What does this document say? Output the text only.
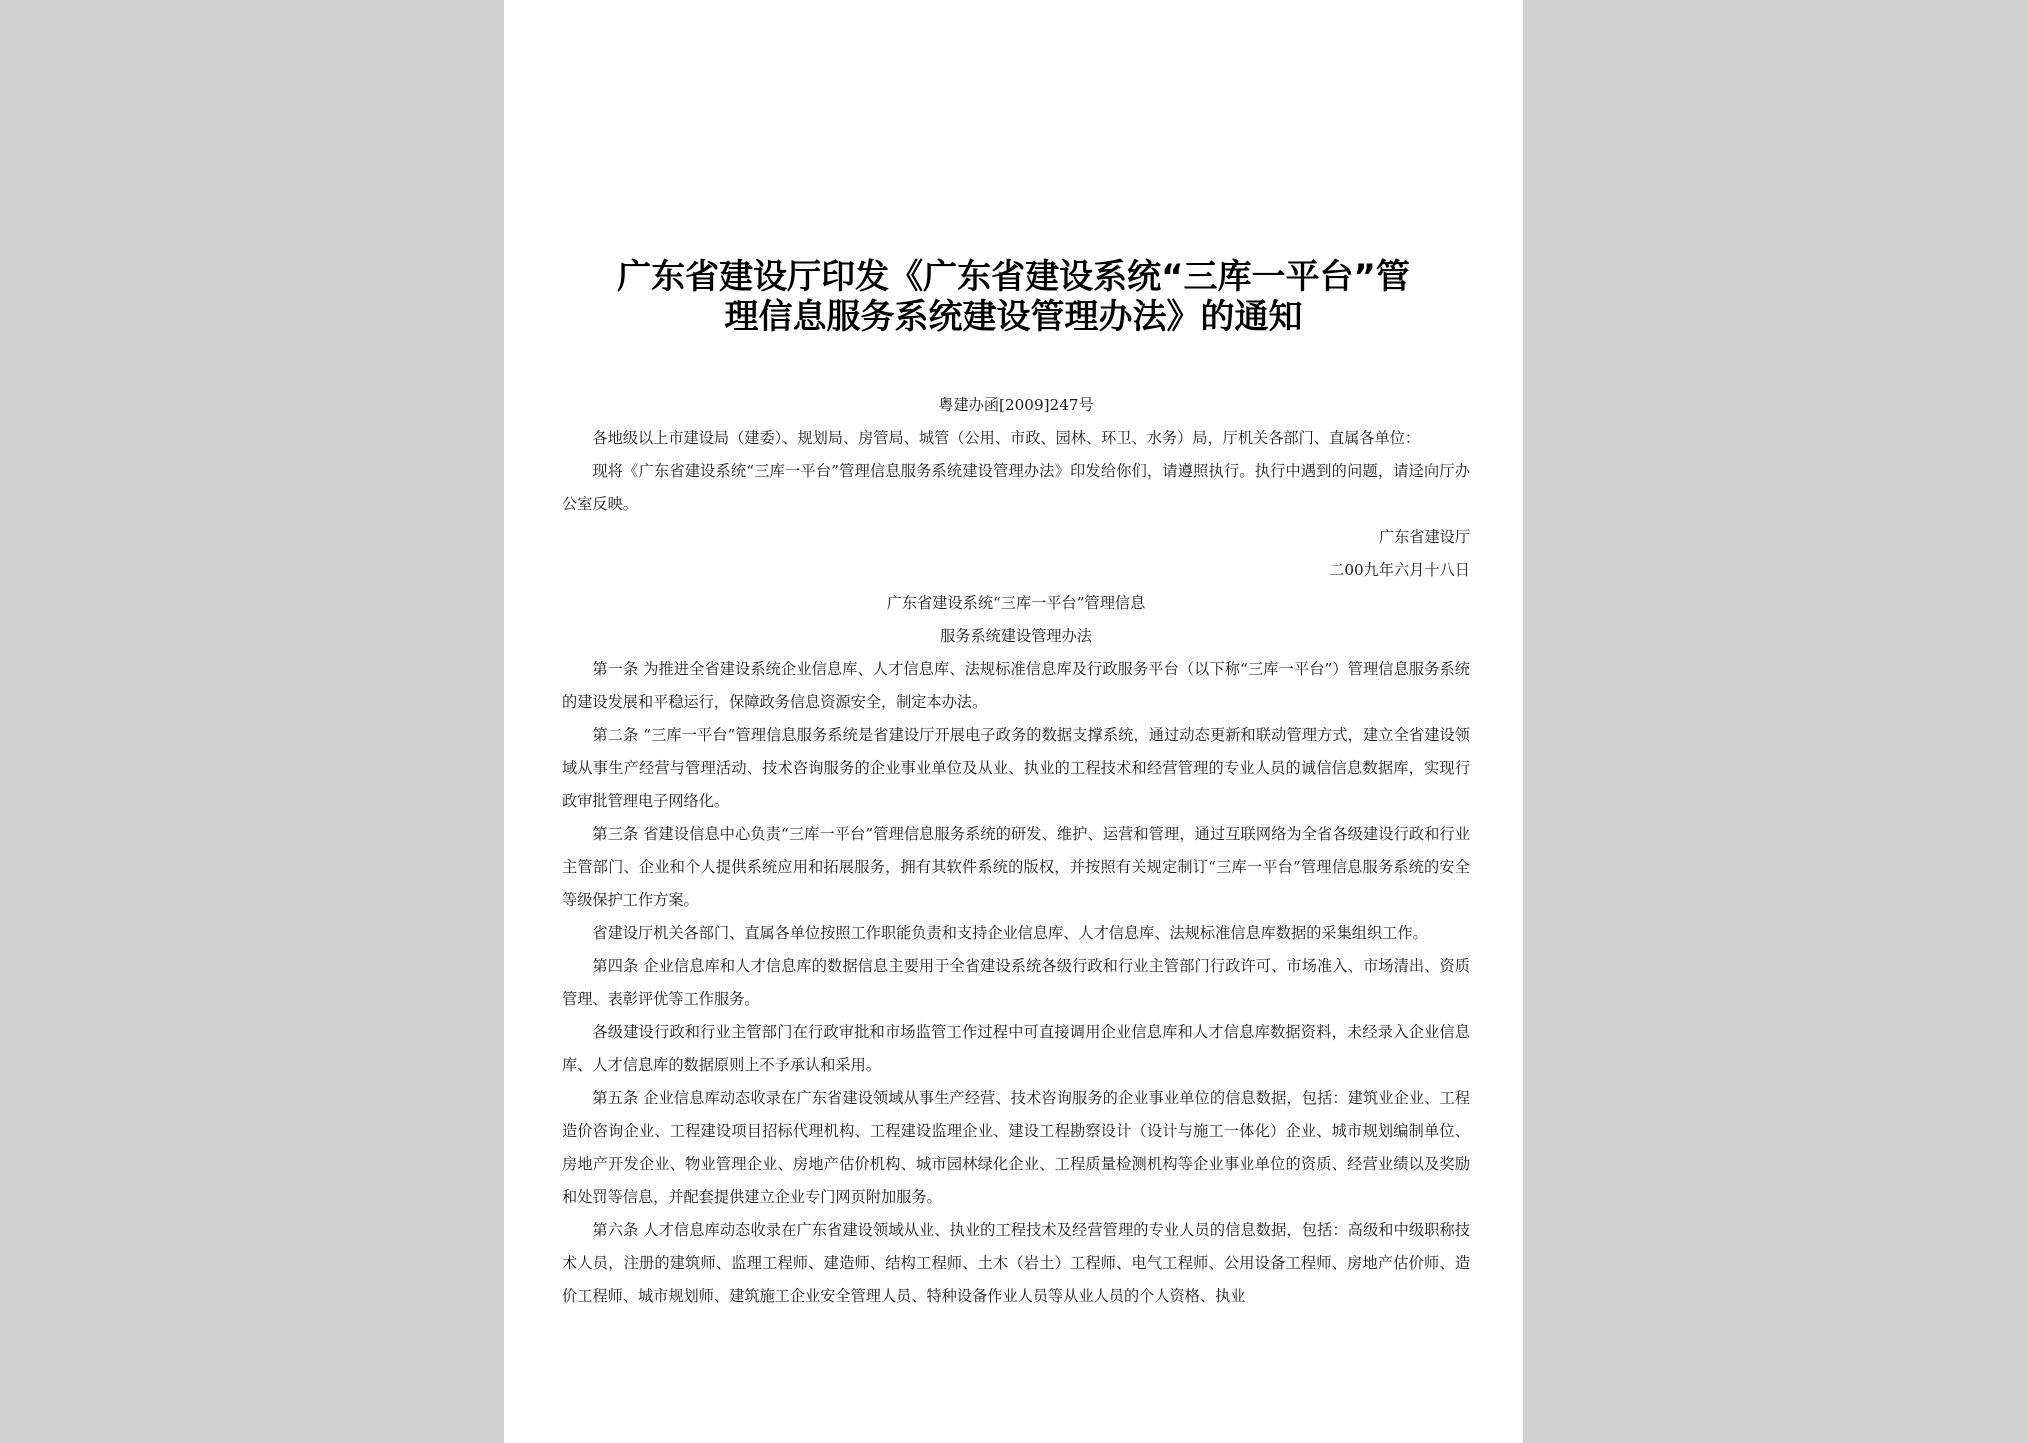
广东省建设厅印发《广东省建设系统“三库一平台”管
理信息服务系统建设管理办法》的通知
粤建办函[2009]247号
各地级以上市建设局（建委）、规划局、房管局、城管（公用、市政、园林、环卫、水务）局，厅机关各部门、直属各单位：
现将《广东省建设系统“三库一平台”管理信息服务系统建设管理办法》印发给你们，请遵照执行。执行中遇到的问题，请迳向厅办公室反映。
广东省建设厅
二00九年六月十八日
广东省建设系统“三库一平台”管理信息
服务系统建设管理办法
第一条 为推进全省建设系统企业信息库、人才信息库、法规标准信息库及行政服务平台（以下称“三库一平台”）管理信息服务系统的建设发展和平稳运行，保障政务信息资源安全，制定本办法。
第二条 “三库一平台”管理信息服务系统是省建设厅开展电子政务的数据支撑系统，通过动态更新和联动管理方式，建立全省建设领域从事生产经营与管理活动、技术咨询服务的企业事业单位及从业、执业的工程技术和经营管理的专业人员的诚信信息数据库，实现行政审批管理电子网络化。
第三条 省建设信息中心负责“三库一平台”管理信息服务系统的研发、维护、运营和管理，通过互联网络为全省各级建设行政和行业主管部门、企业和个人提供系统应用和拓展服务，拥有其软件系统的版权，并按照有关规定制订“三库一平台”管理信息服务系统的安全等级保护工作方案。
省建设厅机关各部门、直属各单位按照工作职能负责和支持企业信息库、人才信息库、法规标准信息库数据的采集组织工作。
第四条 企业信息库和人才信息库的数据信息主要用于全省建设系统各级行政和行业主管部门行政许可、市场准入、市场清出、资质管理、表彰评优等工作服务。
各级建设行政和行业主管部门在行政审批和市场监管工作过程中可直接调用企业信息库和人才信息库数据资料，未经录入企业信息库、人才信息库的数据原则上不予承认和采用。
第五条 企业信息库动态收录在广东省建设领域从事生产经营、技术咨询服务的企业事业单位的信息数据，包括：建筑业企业、工程造价咨询企业、工程建设项目招标代理机构、工程建设监理企业、建设工程勘察设计（设计与施工一体化）企业、城市规划编制单位、房地产开发企业、物业管理企业、房地产估价机构、城市园林绿化企业、工程质量检测机构等企业事业单位的资质、经营业绩以及奖励和处罚等信息，并配套提供建立企业专门网页附加服务。
第六条 人才信息库动态收录在广东省建设领域从业、执业的工程技术及经营管理的专业人员的信息数据，包括：高级和中级职称技术人员，注册的建筑师、监理工程师、建造师、结构工程师、土木（岩土）工程师、电气工程师、公用设备工程师、房地产估价师、造价工程师、城市规划师、建筑施工企业安全管理人员、特种设备作业人员等从业人员的个人资格、执业
